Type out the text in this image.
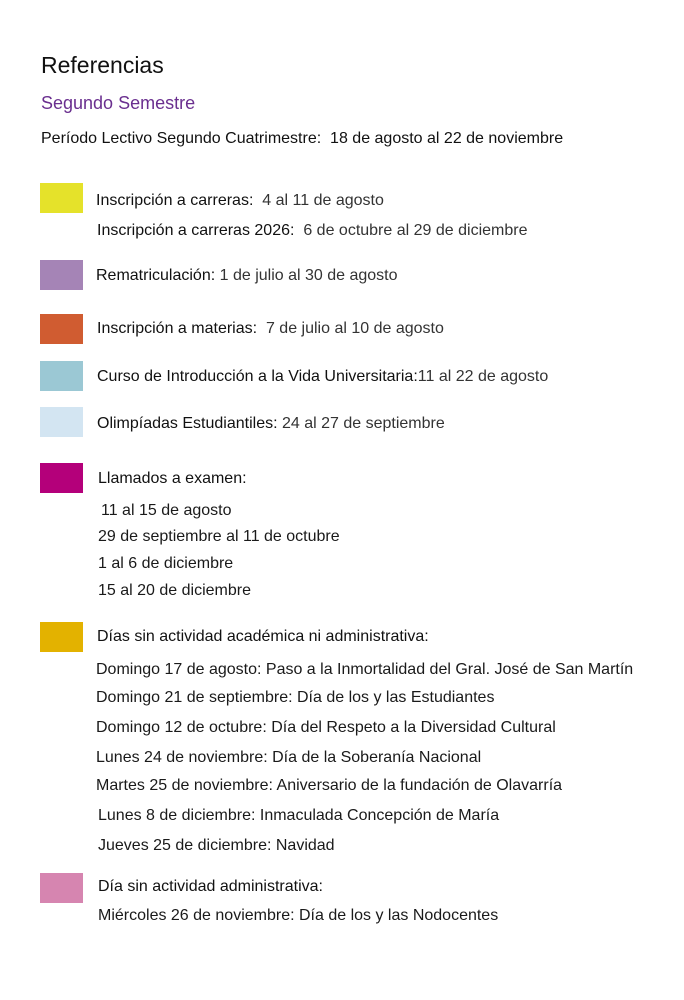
Referencias
Segundo Semestre
Período Lectivo Segundo Cuatrimestre: 18 de agosto al 22 de noviembre
Inscripción a carreras: 4 al 11 de agosto
Inscripción a carreras 2026: 6 de octubre al 29 de diciembre
Rematriculación: 1 de julio al 30 de agosto
Inscripción a materias: 7 de julio al 10 de agosto
Curso de Introducción a la Vida Universitaria:11 al 22 de agosto
Olimpíadas Estudiantiles: 24 al 27 de septiembre
Llamados a examen:
11 al 15 de agosto
29 de septiembre al 11 de octubre
1 al 6 de diciembre
15 al 20 de diciembre
Días sin actividad académica ni administrativa:
Domingo 17 de agosto: Paso a la Inmortalidad del Gral. José de San Martín
Domingo 21 de septiembre: Día de los y las Estudiantes
Domingo 12 de octubre: Día del Respeto a la Diversidad Cultural
Lunes 24 de noviembre: Día de la Soberanía Nacional
Martes 25 de noviembre: Aniversario de la fundación de Olavarría
Lunes 8 de diciembre: Inmaculada Concepción de María
Jueves 25 de diciembre: Navidad
Día sin actividad administrativa:
Miércoles 26 de noviembre: Día de los y las Nodocentes
